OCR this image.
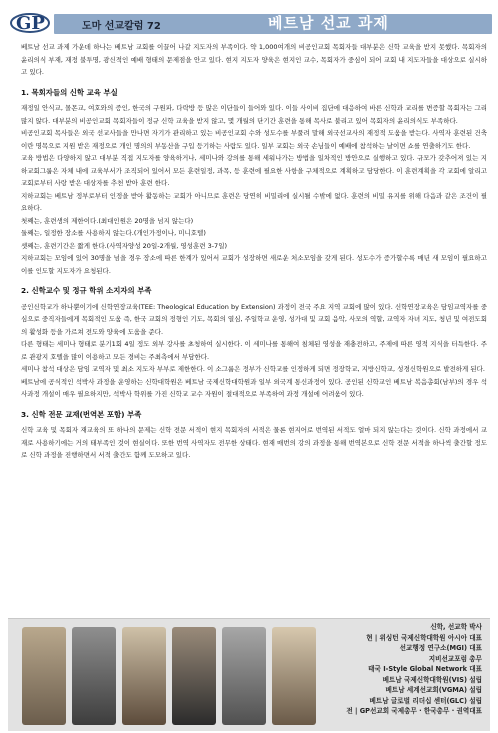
GP	도마 선교칼럼 72	베트남 선교 과제

베트남 선교 과제 가운데 하나는 베트남 교회를 이끌어 나갈 지도자의 부족이다. 약 1,000여개의 비공인교회 목회자들 대부분은 신학 교육을 받지 못했다. 목회자의 윤리의식 부재, 재정 불투명, 광신적인 예배 형태의 문제점을 안고 있다. 현지 지도자 양육은 현지인 교수, 목회자가 중심이 되어 교회 내 지도자들을 대상으로 실시하고 있다.

1. 목회자들의 신학 교육 부실

재정일 안식교, 몰몬교, 여호와의 증인, 한국의 구원파, 다락방 등 많은 이단들이 들어와 있다. 이들 사이비 집단에 대응하여 바른 신학과 교리를 변증할 목회자는 그리 많지 않다. 대부분의 비공인교회 목회자들이 정규 신학 교육을 받지 않고, 몇 개월의 단기간 훈련을 통해 목사로 불리고 있어 목회자의 윤리의식도 부족하다.

비공인교회 목사들은 외국 선교사들을 만나면 자기가 관리하고 있는 비공인교회 수와 성도수를 부풀려 말해 외국선교사의 재정적 도움을 받는다. 사역자 훈련된 건축이란 명목으로 지원 받은 재정으로 개인 명의의 부동산을 구입 등기하는 사람도 있다. 일부 교회는 외국 손님들이 예배에 참석하는 날이면 쇼를 연출하기도 한다.

교육 방법은 다양하지 않고 대부분 직접 지도자를 양육하거나, 세미나와 강의를 통해 세워나가는 방법을 일차적인 방안으로 실행하고 있다. 규모가 갖추어져 있는 지하교회그룹은 자체 내에 교육부서가 조직되어 있어서 모든 훈련일정, 과목, 등 훈련에 필요한 사항을 구체적으로 계획하고 담당한다. 이 훈련계획을 각 교회에 알리고 교회로부터 사랑 받은 대상자를 추천 받아 훈련 한다.

지하교회는 베트남 정부로부터 인정을 받아 활동하는 교회가 아니므로 훈련은 당연히 비밀리에 실시될 수밖에 없다. 훈련의 비밀 유지를 위해 다음과 같은 조건이 필요하다.

첫째는, 훈련생의 제한이다.(최대인원은 20명을 넘지 않는다)

둘째는, 일정한 장소를 사용하지 않는다.(개인가정이나, 미니호텔)

셋째는, 훈련기간은 짧게 한다.(사역자양성 20일-2개월, 영성훈련 3-7일)

지하교회는 모임에 있어 30명을 넘을 경우 장소에 따른 한계가 있어서 교회가 성장하면 새로운 처소모임을 갖게 된다. 성도수가 증가할수록 매년 새 모임이 필요하고 이를 인도할 지도자가 요청된다.

2. 신학교수 및 정규 학위 소지자의 부족

공인신학교가 하나뿐이기에 신학연장교육(TEE: Theological Education by Extension) 과정이 전국 주요 지역 교회에 많이 있다. 신학연장교육은 담임교역자를 중심으로 중직자들에게 목회적인 도움 즉, 한국 교회의 정형인 기도, 목회의 열심, 주일학교 운영, 성가대 및 교회 음악, 사모의 역할, 교역자 자녀 지도, 청년 및 여전도회의 활성화 등을 가르쳐 전도와 양육에 도움을 준다.

다른 형태는 세미나 형태로 분기1회 4일 정도 외부 강사를 초청하여 실시한다. 이 세미나를 통해여 침체된 영성을 재충전하고, 주제에 따른 영적 지식을 터득한다. 주로 관광지 호텔을 많이 이용하고 모든 경비는 주최측에서 부담한다.

세미나 참석 대상은 담임 교역자 및 최소 지도자 부부로 제한한다. 이 소그룹은 정부가 신학교를 인정하게 되면 정장학교, 지방신학교, 성경신학원으로 발전하게 된다.

베트남에 공식적인 석박사 과정을 운영하는 신학대학원은 베트남 국제신학대학원과 일부 외국계 통신과정이 있다. 공인된 신학교인 베트남 복음총회(남부)의 경우 석사과정 개설이 매우 필요하지만, 석박사 학위를 가진 신학교 교수 자원이 절대적으로 부족하여 과정 개설에 어려움이 있다.

3. 신학 전문 교재(번역본 포함) 부족

신학 교육 및 목회자 재교육의 또 하나의 문제는 신학 전문 서적이 현지 목회자의 서적은 물론 현지어로 번역된 서적도 얼마 되지 않는다는 것이다. 신학 과정에서 교재로 사용하기에는 거의 태부족인 것이 현실이다. 또한 번역 사역자도 전무한 상태다. 현재 매번의 강의 과정을 통해 번역본으로 신학 전문 서적을 하나씩 출간할 정도로 신학 과정을 진행하면서 서적 출간도 함께 도모하고 있다.

신학, 선교학 박사
현 | 위싱턴 국제신학대학원 아시아 대표
선교행정 연구소(MGI) 대표
지비선교포럼 총무
태국 I-Style Global Network 대표
베트남 국제신학대학원(VIS) 설립
베트남 세계선교회(VGMA) 설립
베트남 글로벌 리더십 센터(GLC) 설립
전 | GP선교회 국제총무 · 한국총무 · 권역대표
